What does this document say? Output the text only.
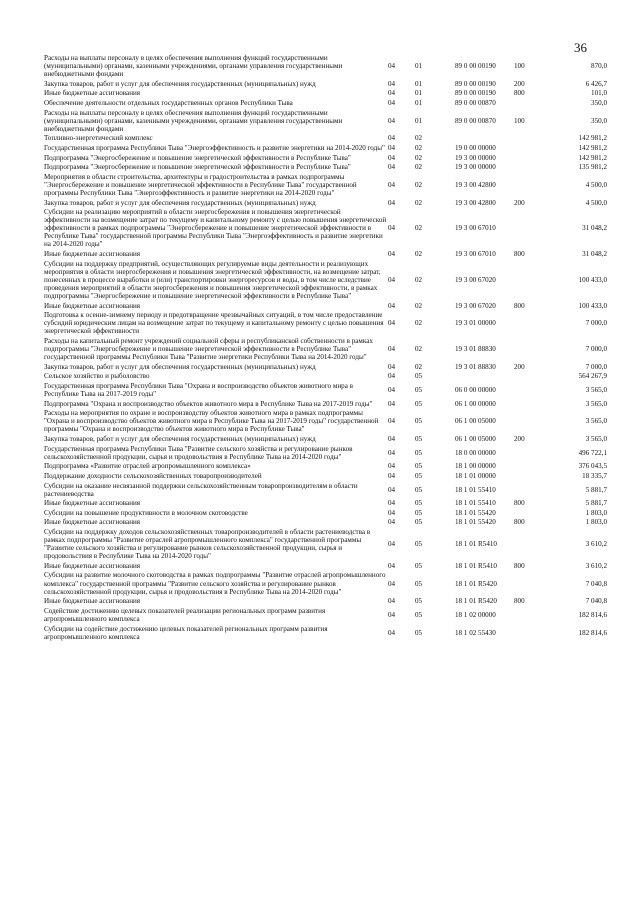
36
Расходы на выплаты персоналу в целях обеспечения выполнения функций государственными (муниципальными) органами, казенными учреждениями, органами управления государственными внебюджетными фондами	04	01	89 0 00 00190	100	870,0
Закупка товаров, работ и услуг для обеспечения государственных (муниципальных) нужд	04	01	89 0 00 00190	200	6 426,7
Иные бюджетные ассигнования	04	01	89 0 00 00190	800	101,0
Обеспечение деятельности отдельных государственных органов Республики Тыва	04	01	89 0 00 00870		350,0
Расходы на выплаты персоналу в целях обеспечения выполнения функций государственными (муниципальными) органами, казенными учреждениями, органами управления государственными внебюджетными фондами	04	01	89 0 00 00870	100	350,0
Топливно-энергетический комплекс	04	02			142 981,2
Государственная программа Республики Тыва "Энергоэффективность и развитие энергетики на 2014-2020 годы"	04	02	19 0 00 00000		142 981,2
Подпрограмма "Энергосбережение и повышение энергетической эффективности в Республике Тыва"	04	02	19 3 00 00000		142 981,2
Подпрограмма "Энергосбережение и повышение энергетической эффективности в Республике Тыва"	04	02	19 3 00 00000		135 981,2
Мероприятия в области строительства, архитектуры и градостроительства в рамках подпрограммы "Энергосбережение и повышение энергетической эффективности в Республике Тыва" государственной программы Республики Тыва "Энергоэффективность и развитие энергетики на 2014-2020 годы"	04	02	19 3 00 42800		4 500,0
Закупка товаров, работ и услуг для обеспечения государственных (муниципальных) нужд	04	02	19 3 00 42800	200	4 500,0
Субсидии на реализацию мероприятий в области энергосбережения и повышения энергетической эффективности на возмещение затрат по текущему и капитальному ремонту с целью повышения энергетической эффективности в рамках подпрограммы "Энергосбережение и повышение энергетической эффективности в Республике Тыва" государственной программы Республики Тыва "Энергоэффективность и развитие энергетики на 2014-2020 годы"	04	02	19 3 00 67010		31 048,2
Иные бюджетные ассигнования	04	02	19 3 00 67010	800	31 048,2
Субсидии на поддержку предприятий, осуществляющих регулируемые виды деятельности и реализующих мероприятия в области энергосбережения и повышения энергетической эффективности, на возмещение затрат, понесенных в процессе выработки и (или) транспортировки энергоресурсов и воды, в том числе вследствие проведения мероприятий в области энергосбережения и повышения энергетической эффективности, в рамках подпрограммы "Энергосбережение и повышение энергетической эффективности в Республике Тыва"	04	02	19 3 00 67020		100 433,0
Иные бюджетные ассигнования	04	02	19 3 00 67020	800	100 433,0
Подготовка к осенне-зимнему периоду и предотвращение чрезвычайных ситуаций, в том числе предоставление субсидий юридическим лицам на возмещение затрат по текущему и капитальному ремонту с целью повышения энергетической эффективности	04	02	19 3 01 00000		7 000,0
Расходы на капитальный ремонт учреждений социальной сферы и республиканской собственности в рамках подпрограммы "Энергосбережение и повышение энергетической эффективности в Республике Тыва" государственной программы Республики Тыва "Развитие энергетики Республики Тыва на 2014-2020 годы"	04	02	19 3 01 88830		7 000,0
Закупка товаров, работ и услуг для обеспечения государственных (муниципальных) нужд	04	02	19 3 01 88830	200	7 000,0
Сельское хозяйство и рыболовство	04	05			564 267,9
Государственная программа Республики Тыва "Охрана и воспроизводство объектов животного мира в Республике Тыва на 2017-2019 годы"	04	05	06 0 00 00000		3 565,0
Подпрограмма "Охрана и воспроизводство объектов животного мира в Республике Тыва на 2017-2019 годы"	04	05	06 1 00 00000		3 565,0
Расходы на мероприятия по охране и воспроизводству объектов животного мира в рамках подпрограммы "Охрана и воспроизводство объектов животного мира в Республике Тыва на 2017-2019 годы" государственной программы "Охрана и воспроизводство объектов животного мира в Республике Тыва"	04	05	06 1 00 05000		3 565,0
Закупка товаров, работ и услуг для обеспечения государственных (муниципальных) нужд	04	05	06 1 00 05000	200	3 565,0
Государственная программа Республики Тыва "Развитие сельского хозяйства и регулирование рынков сельскохозяйственной продукции, сырья и продовольствия в Республике Тыва на 2014-2020 годы"	04	05	18 0 00 00000		496 722,1
Подпрограмма «Развитие отраслей агропромышленного комплекса»	04	05	18 1 00 00000		376 043,5
Поддержание доходности сельскохозяйственных товаропроизводителей	04	05	18 1 01 00000		18 335,7
Субсидии на оказание несвязанной поддержки сельскохозяйственным товаропроизводителям в области растениеводства	04	05	18 1 01 55410		5 881,7
Иные бюджетные ассигнования	04	05	18 1 01 55410	800	5 881,7
Субсидии на повышение продуктивности в молочном скотоводстве	04	05	18 1 01 55420		1 803,0
Иные бюджетные ассигнования	04	05	18 1 01 55420	800	1 803,0
Субсидии на поддержку доходов сельскохозяйственных товаропроизводителей в области растениеводства в рамках подпрограммы "Развитие отраслей агропромышленного комплекса" государственной программы "Развитие сельского хозяйства и регулирование рынков сельскохозяйственной продукции, сырья и продовольствия в Республике Тыва на 2014-2020 годы"	04	05	18 1 01 R5410		3 610,2
Иные бюджетные ассигнования	04	05	18 1 01 R5410	800	3 610,2
Субсидии на развитие молочного скотоводства в рамках подпрограммы "Развитие отраслей агропромышленного комплекса" государственной программы "Развитие сельского хозяйства и регулирование рынков сельскохозяйственной продукции, сырья и продовольствия в Республике Тыва на 2014-2020 годы"	04	05	18 1 01 R5420		7 040,8
Иные бюджетные ассигнования	04	05	18 1 01 R5420	800	7 040,8
Содействие достижению целевых показателей реализации региональных программ развития агропромышленного комплекса	04	05	18 1 02 00000		182 814,6
Субсидии на содействие достижению целевых показателей региональных программ развития агропромышленного комплекса	04	05	18 1 02 55430		182 814,6
